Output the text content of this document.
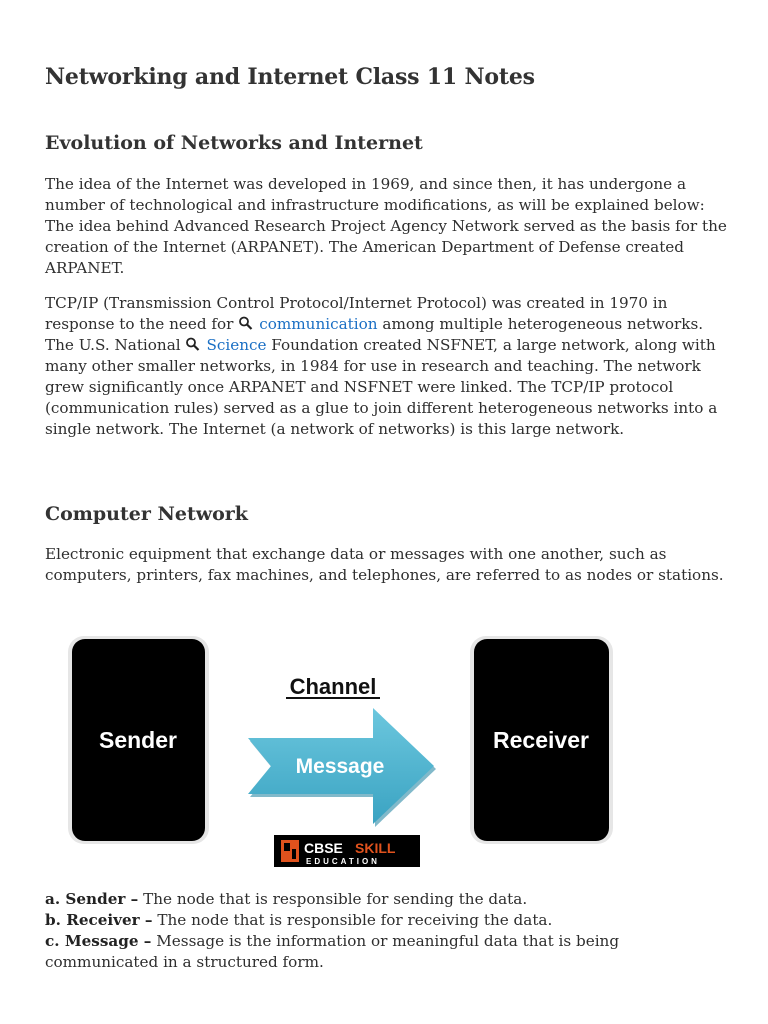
Networking and Internet Class 11 Notes
Evolution of Networks and Internet

The idea of the Internet was developed in 1969, and since then, it has undergone a number of technological and infrastructure modifications, as will be explained below: The idea behind Advanced Research Project Agency Network served as the basis for the creation of the Internet (ARPANET). The American Department of Defense created ARPANET.

TCP/IP (Transmission Control Protocol/Internet Protocol) was created in 1970 in response to the need for communication among multiple heterogeneous networks. The U.S. National Science Foundation created NSFNET, a large network, along with many other smaller networks, in 1984 for use in research and teaching. The network grew significantly once ARPANET and NSFNET were linked. The TCP/IP protocol (communication rules) served as a glue to join different heterogeneous networks into a single network. The Internet (a network of networks) is this large network.

Computer Network

Electronic equipment that exchange data or messages with one another, such as computers, printers, fax machines, and telephones, are referred to as nodes or stations.

a. Sender – The node that is responsible for sending the data.
b. Receiver – The node that is responsible for receiving the data.
c. Message – Message is the information or meaningful data that is being communicated in a structured form.
Sender	Receiver
Channel
Message
CBSE SKILL
EDUCATION
